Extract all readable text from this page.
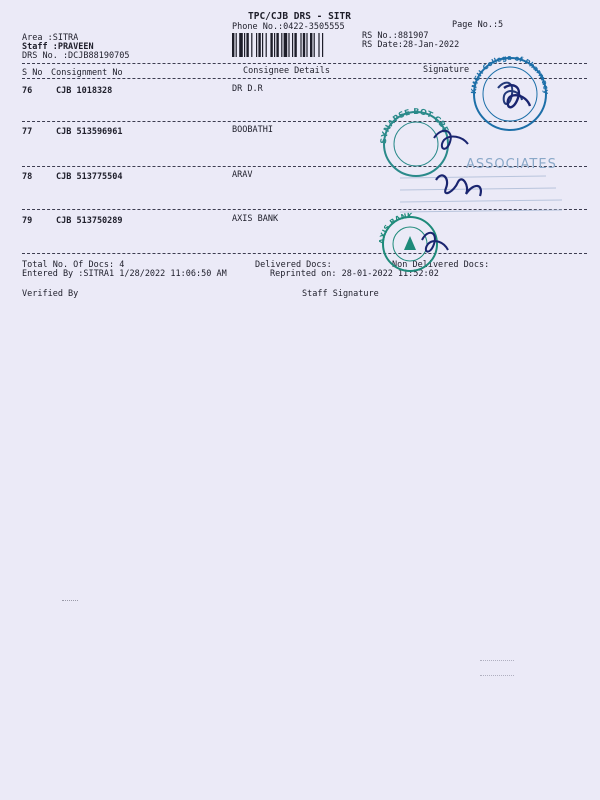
TPC/CJB DRS - SITR
Phone No.:0422-3505555	Page No.:5
Area :SITRA
Staff :PRAVEEN
DRS No. :DCJB88190705
RS No.:881907
RS Date:28-Jan-2022
S No Consignment No	Consignee Details	Signature
76	CJB 1018328	DR D.R
77	CJB 513596961	BOOBATHI
78	CJB 513775504	ARAV
79	CJB 513750289	AXIS BANK
Total No. Of Docs: 4	Delivered Docs:	Non Delivered Docs:
Entered By :SITRA1 1/28/2022 11:06:50 AM	Reprinted on: 28-01-2022 11:52:02
Verified By	Staff Signature
KMCH College of Pharmacy
SYNAPSE BOT CBE
ASSOCIATES
AXIS BANK
